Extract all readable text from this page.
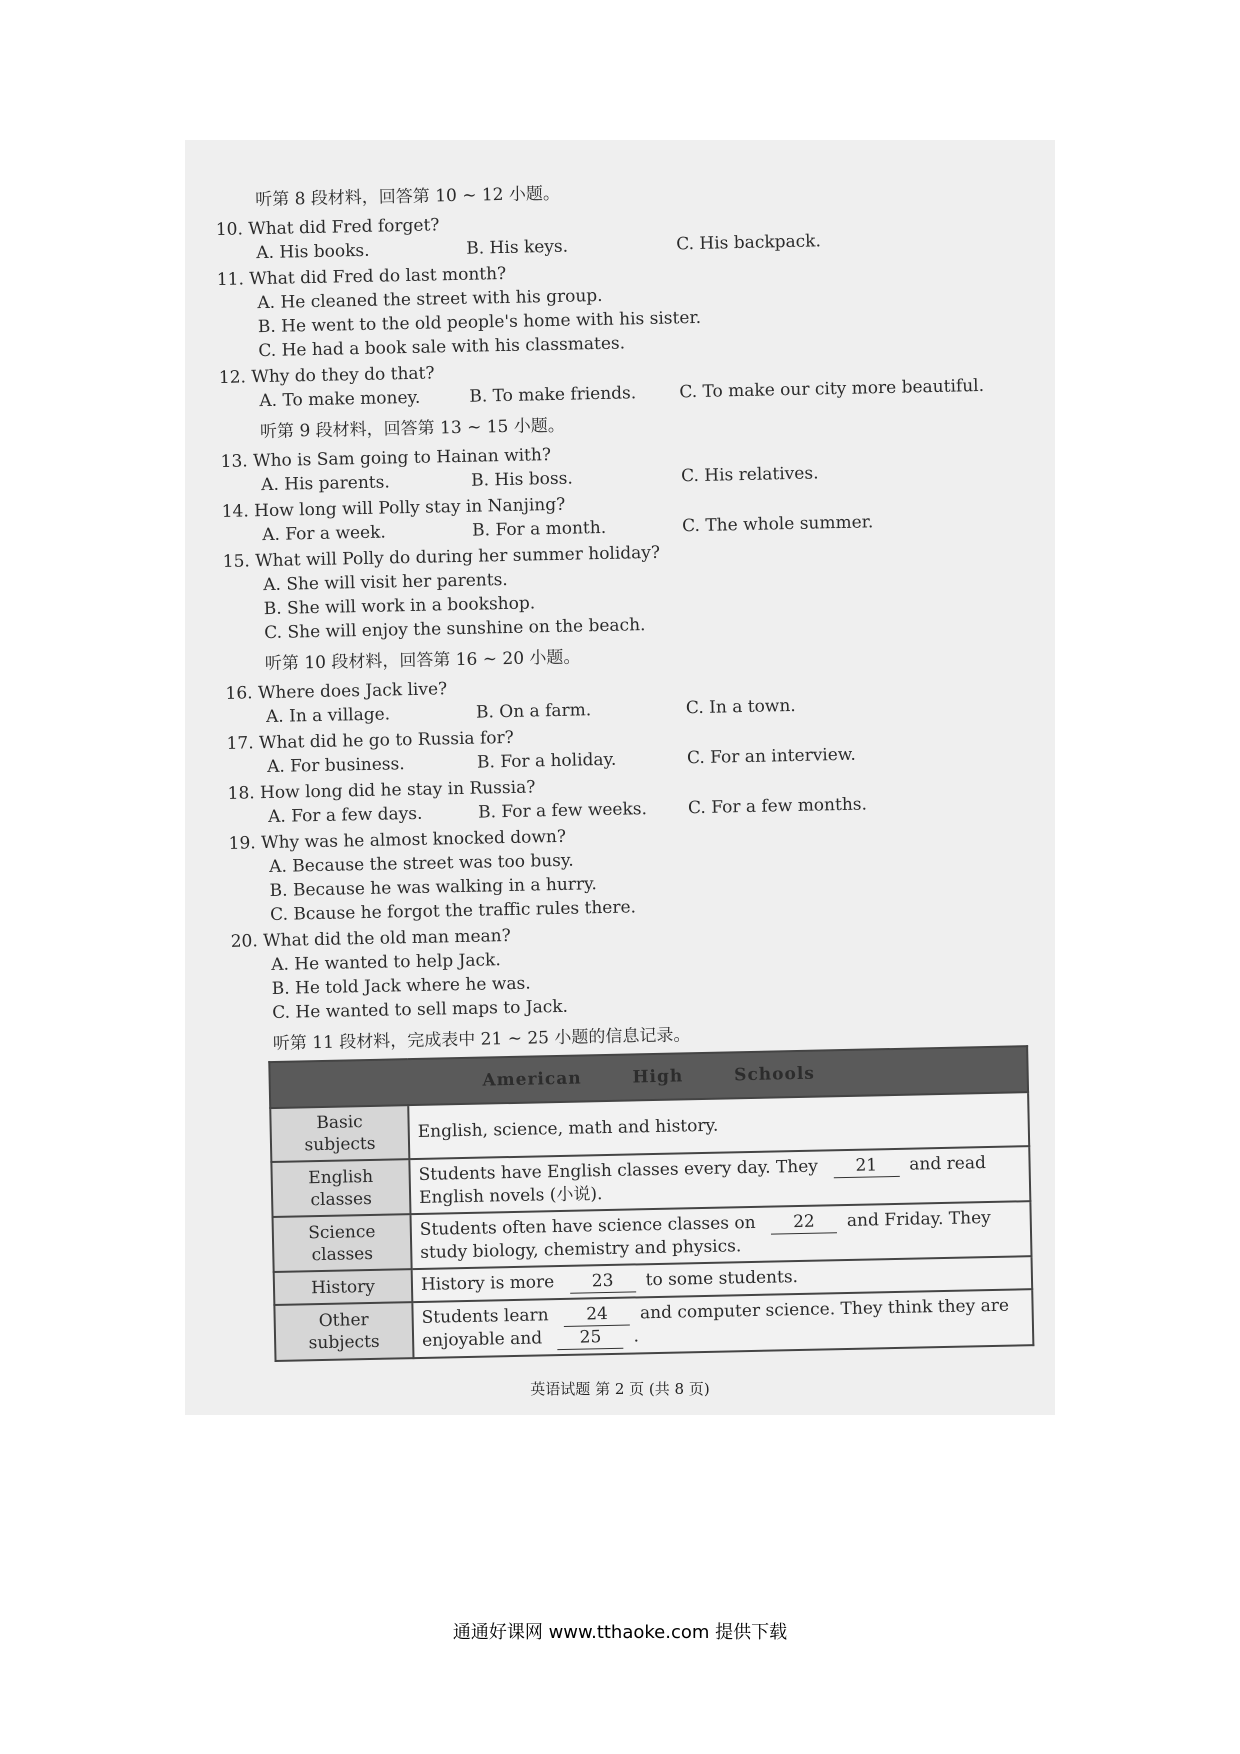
听第 8 段材料，回答第 10 ~ 12 小题。
10. What did Fred forget?
A. His books.	B. His keys.	C. His backpack.
11. What did Fred do last month?
A. He cleaned the street with his group.
B. He went to the old people's home with his sister.
C. He had a book sale with his classmates.
12. Why do they do that?
A. To make money.	B. To make friends.	C. To make our city more beautiful.
听第 9 段材料，回答第 13 ~ 15 小题。
13. Who is Sam going to Hainan with?
A. His parents.	B. His boss.	C. His relatives.
14. How long will Polly stay in Nanjing?
A. For a week.	B. For a month.	C. The whole summer.
15. What will Polly do during her summer holiday?
A. She will visit her parents.
B. She will work in a bookshop.
C. She will enjoy the sunshine on the beach.
听第 10 段材料，回答第 16 ~ 20 小题。
16. Where does Jack live?
A. In a village.	B. On a farm.	C. In a town.
17. What did he go to Russia for?
A. For business.	B. For a holiday.	C. For an interview.
18. How long did he stay in Russia?
A. For a few days.	B. For a few weeks.	C. For a few months.
19. Why was he almost knocked down?
A. Because the street was too busy.
B. Because he was walking in a hurry.
C. Bcause he forgot the traffic rules there.
20. What did the old man mean?
A. He wanted to help Jack.
B. He told Jack where he was.
C. He wanted to sell maps to Jack.
听第 11 段材料，完成表中 21 ~ 25 小题的信息记录。
American High Schools	
Basic subjects	English, science, math and history.
English classes	Students have English classes every day. They 21 and read English novels (小说).
Science classes	Students often have science classes on 22 and Friday. They study biology, chemistry and physics.
History	History is more 23 to some students.
Other subjects	Students learn 24 and computer science. They think they are enjoyable and 25 .
英语试题 第 2 页 (共 8 页)
通通好课网 www.tthaoke.com 提供下载
